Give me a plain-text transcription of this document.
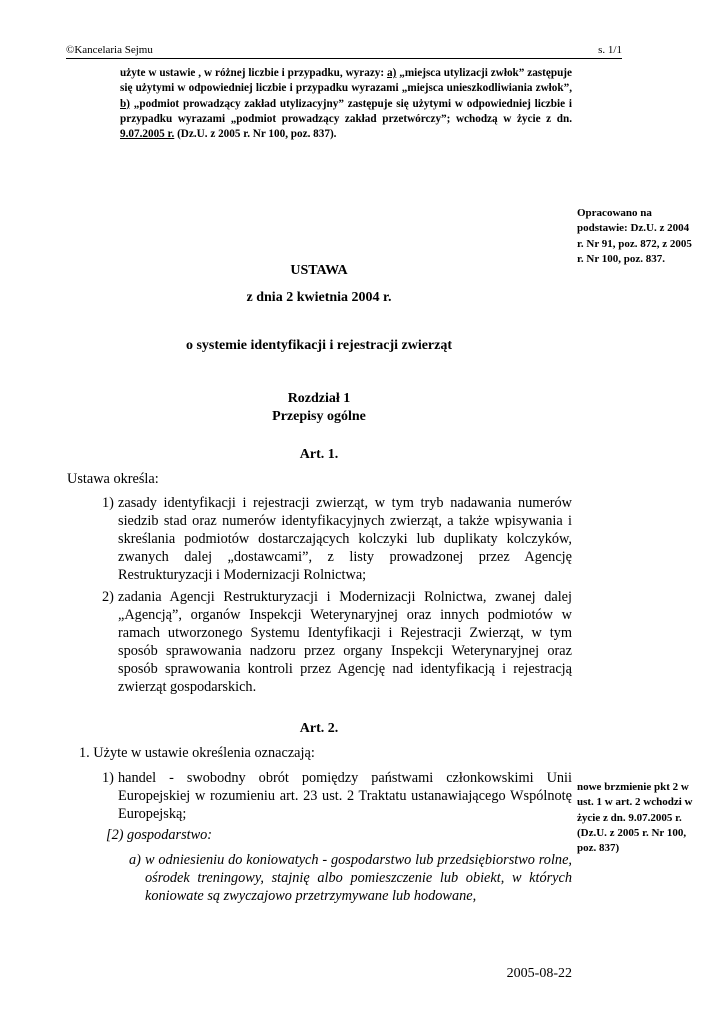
©Kancelaria Sejmu	s. 1/1
użyte w ustawie , w różnej liczbie i przypadku, wyrazy: a) „miejsca utylizacji zwłok” zastępuje się użytymi w odpowiedniej liczbie i przypadku wyrazami „miejsca unieszkodliwiania zwłok”, b) „podmiot prowadzący zakład utylizacyjny” zastępuje się użytymi w odpowiedniej liczbie i przypadku wyrazami „podmiot prowadzący zakład przetwórczy”; wchodzą w życie z dn. 9.07.2005 r. (Dz.U. z 2005 r. Nr 100, poz. 837).
Opracowano na podstawie: Dz.U. z 2004 r. Nr 91, poz. 872, z 2005 r. Nr 100, poz. 837.
USTAWA
z dnia 2 kwietnia 2004 r.
o systemie identyfikacji i rejestracji zwierząt
Rozdział 1
Przepisy ogólne
Art. 1.
Ustawa określa:
1) zasady identyfikacji i rejestracji zwierząt, w tym tryb nadawania numerów siedzib stad oraz numerów identyfikacyjnych zwierząt, a także wpisywania i skreślania podmiotów dostarczających kolczyki lub duplikaty kolczyków, zwanych dalej „dostawcami”, z listy prowadzonej przez Agencję Restrukturyzacji i Modernizacji Rolnictwa;
2) zadania Agencji Restrukturyzacji i Modernizacji Rolnictwa, zwanej dalej „Agencją”, organów Inspekcji Weterynaryjnej oraz innych podmiotów w ramach utworzonego Systemu Identyfikacji i Rejestracji Zwierząt, w tym sposób sprawowania nadzoru przez organy Inspekcji Weterynaryjnej oraz sposób sprawowania kontroli przez Agencję nad identyfikacją i rejestracją zwierząt gospodarskich.
Art. 2.
1. Użyte w ustawie określenia oznaczają:
1) handel - swobodny obrót pomiędzy państwami członkowskimi Unii Europejskiej w rozumieniu art. 23 ust. 2 Traktatu ustanawiającego Wspólnotę Europejską;
nowe brzmienie pkt 2 w ust. 1 w art. 2 wchodzi w życie z dn. 9.07.2005 r. (Dz.U. z 2005 r. Nr 100, poz. 837)
[2) gospodarstwo:
a) w odniesieniu do koniowatych - gospodarstwo lub przedsiębiorstwo rolne, ośrodek treningowy, stajnię albo pomieszczenie lub obiekt, w których koniowate są zwyczajowo przetrzymywane lub hodowane,
2005-08-22
